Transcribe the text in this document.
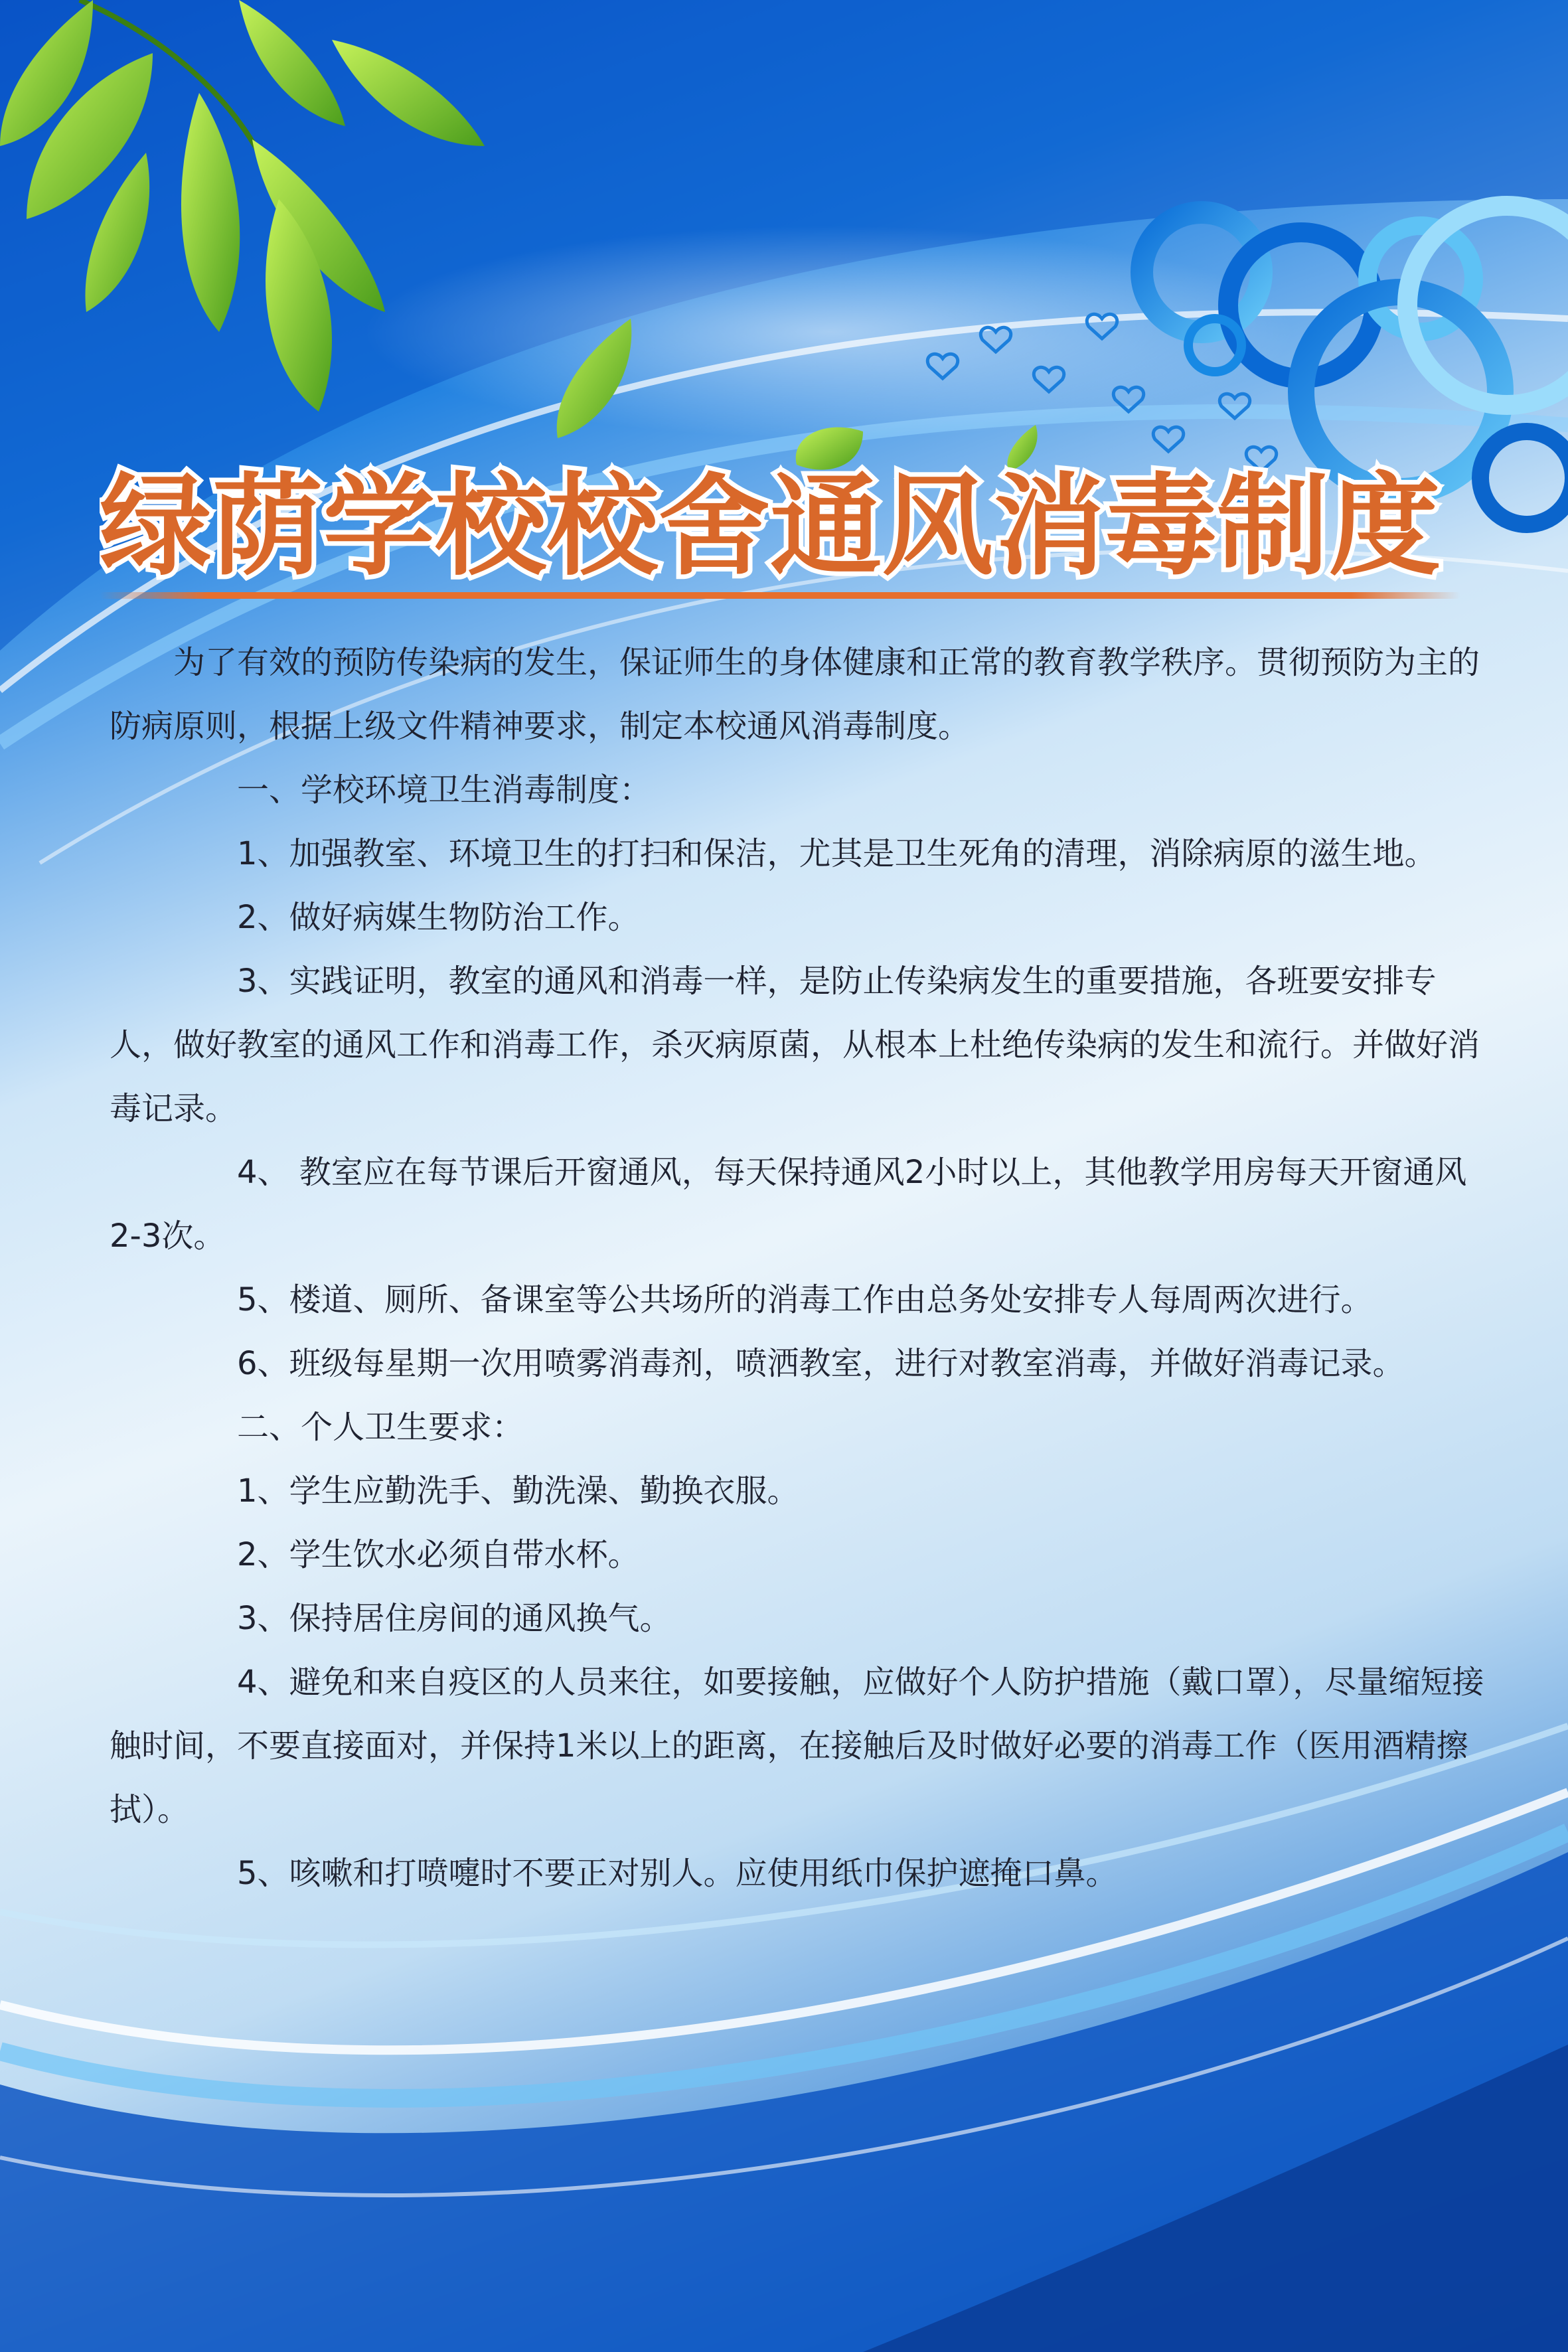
绿荫学校校舍通风消毒制度

为了有效的预防传染病的发生，保证师生的身体健康和正常的教育教学秩序。贯彻预防为主的防病原则，根据上级文件精神要求，制定本校通风消毒制度。

一、学校环境卫生消毒制度：

1、加强教室、环境卫生的打扫和保洁，尤其是卫生死角的清理，消除病原的滋生地。

2、做好病媒生物防治工作。

3、实践证明，教室的通风和消毒一样，是防止传染病发生的重要措施，各班要安排专人，做好教室的通风工作和消毒工作，杀灭病原菌，从根本上杜绝传染病的发生和流行。并做好消毒记录。

4、 教室应在每节课后开窗通风，每天保持通风2小时以上，其他教学用房每天开窗通风2-3次。

5、楼道、厕所、备课室等公共场所的消毒工作由总务处安排专人每周两次进行。

6、班级每星期一次用喷雾消毒剂，喷洒教室，进行对教室消毒，并做好消毒记录。

二、个人卫生要求：

1、学生应勤洗手、勤洗澡、勤换衣服。

2、学生饮水必须自带水杯。

3、保持居住房间的通风换气。

4、避免和来自疫区的人员来往，如要接触，应做好个人防护措施（戴口罩），尽量缩短接触时间，不要直接面对，并保持1米以上的距离，在接触后及时做好必要的消毒工作（医用酒精擦拭）。

5、咳嗽和打喷嚏时不要正对别人。应使用纸巾保护遮掩口鼻。
